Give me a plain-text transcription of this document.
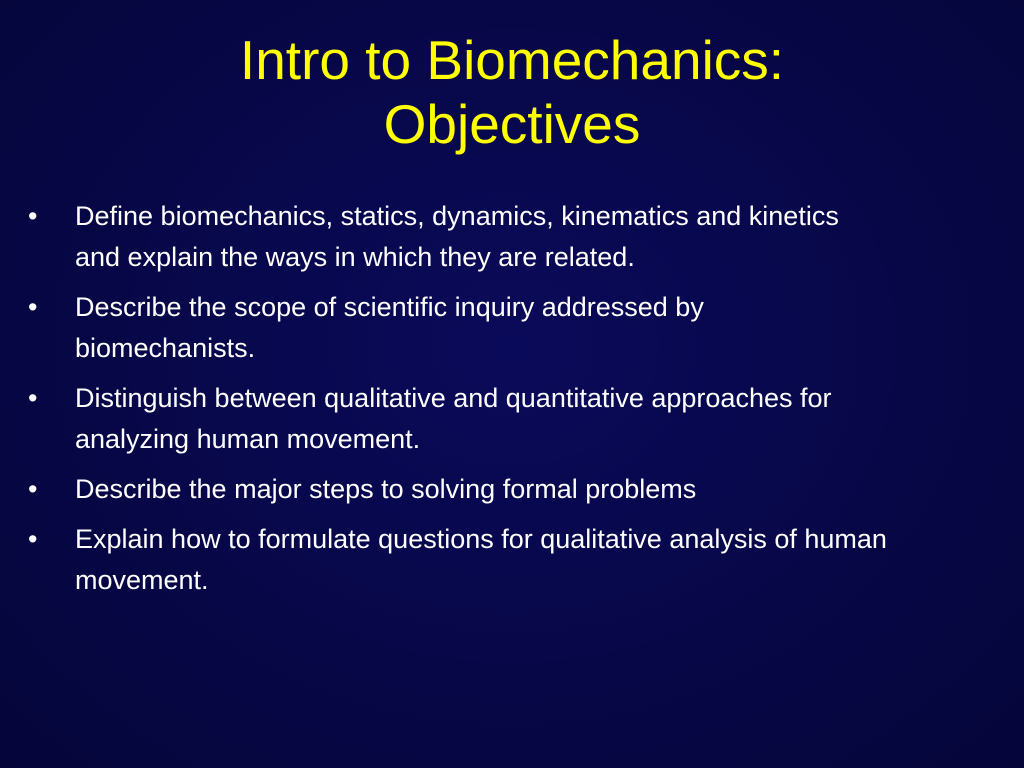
Intro to Biomechanics:
Objectives
•	Define biomechanics, statics, dynamics, kinematics and kinetics and explain the ways in which they are related.
•	Describe the scope of scientific inquiry addressed by biomechanists.
•	Distinguish between qualitative and quantitative approaches for analyzing human movement.
•	Describe the major steps to solving formal problems
•	Explain how to formulate questions for qualitative analysis of human movement.
